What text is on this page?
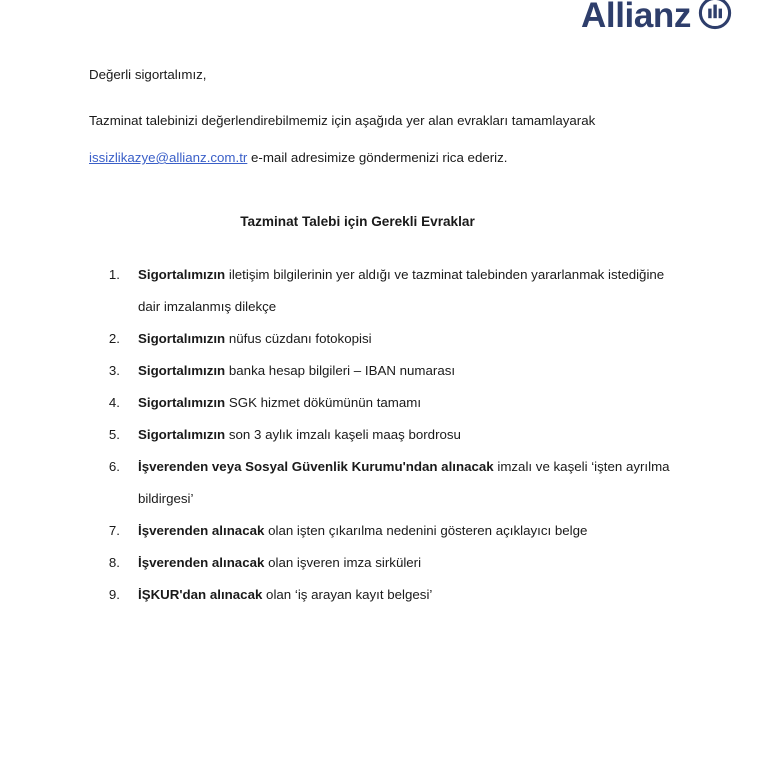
Allianz

Değerli sigortalımız,

Tazminat talebinizi değerlendirebilmemiz için aşağıda yer alan evrakları tamamlayarak

issizlikazye@allianz.com.tr e-mail adresimize göndermenizi rica ederiz.

Tazminat Talebi için Gerekli Evraklar
1. Sigortalımızın iletişim bilgilerinin yer aldığı ve tazminat talebinden yararlanmak istediğine dair imzalanmış dilekçe
2. Sigortalımızın nüfus cüzdanı fotokopisi
3. Sigortalımızın banka hesap bilgileri – IBAN numarası
4. Sigortalımızın SGK hizmet dökümünün tamamı
5. Sigortalımızın son 3 aylık imzalı kaşeli maaş bordrosu
6. İşverenden veya Sosyal Güvenlik Kurumu'ndan alınacak imzalı ve kaşeli ‘işten ayrılma bildirgesi’
7. İşverenden alınacak olan işten çıkarılma nedenini gösteren açıklayıcı belge
8. İşverenden alınacak olan işveren imza sirküleri
9. İŞKUR'dan alınacak olan ‘iş arayan kayıt belgesi’
